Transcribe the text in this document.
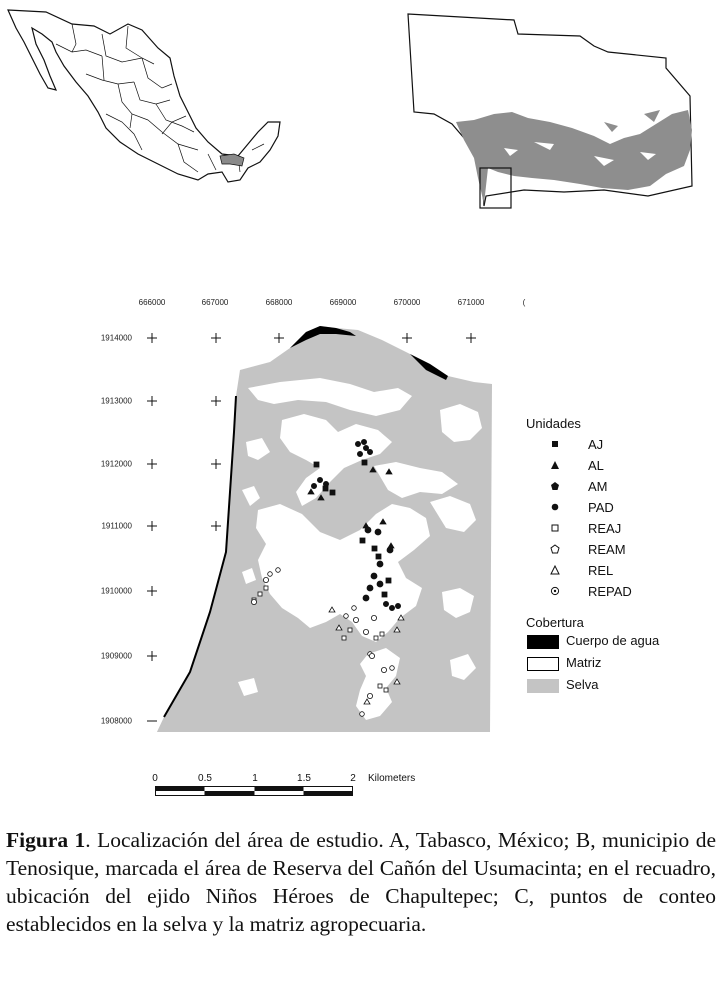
666000	667000	668000	669000	670000	671000	(
1914000
1913000
1912000
1911000
1910000
1909000
1908000
Unidades
AJ
AL
AM
PAD
REAJ
REAM
REL
REPAD
Cobertura
Cuerpo de agua
Matriz
Selva
0	0.5	1	1.5	2 Kilometers
Figura 1. Localización del área de estudio. A, Tabasco, México; B, municipio de Tenosique, marcada el área de Reserva del Cañón del Usumacinta; en el recuadro, ubicación del ejido Niños Héroes de Chapultepec; C, puntos de conteo establecidos en la selva y la matriz agropecuaria.
